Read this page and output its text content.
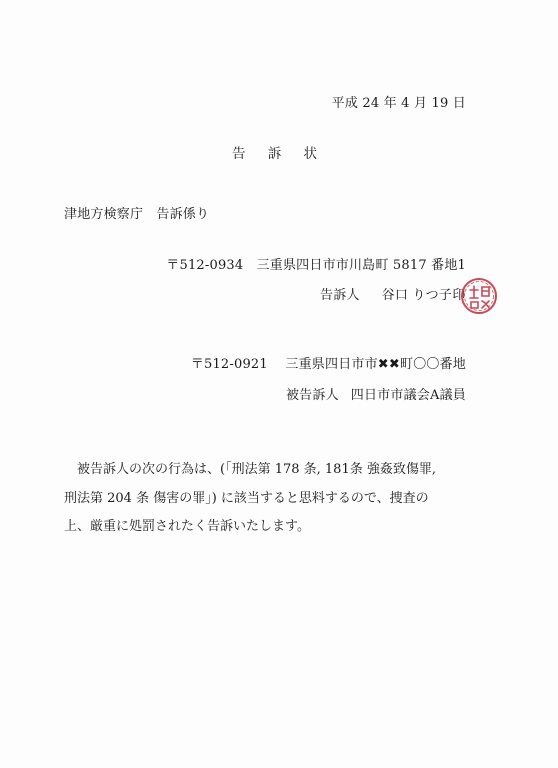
平成 24 年 4 月 19 日
告 訴 状
津地方検察庁　告訴係り
〒512-0934　三重県四日市市川島町 5817 番地1
告訴人 谷口 りつ子印
〒512-0921　 三重県四日市市✖✖町〇〇番地
被告訴人 四日市市議会A議員
被告訴人の次の行為は、(「刑法第 178 条, 181条 強姦致傷罪,
刑法第 204 条 傷害の罪」) に該当すると思料するので、捜査の
上、厳重に処罰されたく告訴いたします。
